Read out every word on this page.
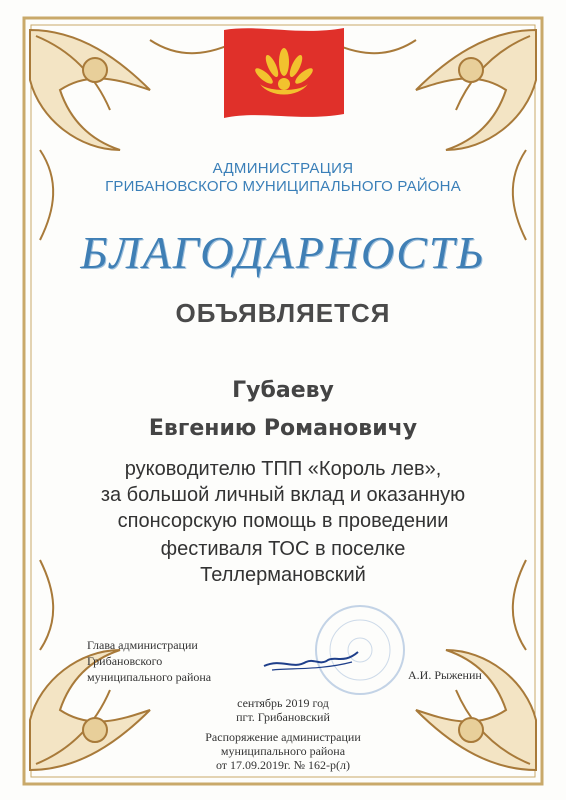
АДМИНИСТРАЦИЯ

ГРИБАНОВСКОГО МУНИЦИПАЛЬНОГО РАЙОНА

БЛАГОДАРНОСТЬ

ОБЪЯВЛЯЕТСЯ

Губаеву

Евгению Романовичу

руководителю ТПП «Король лев»,

за большой личный вклад и оказанную

спонсорскую помощь в проведении

фестиваля ТОС в поселке

Теллермановский

Глава администрации
Грибановского
муниципального района	А.И. Рыженин

сентябрь 2019 год

пгт. Грибановский

Распоряжение администрации

муниципального района

от 17.09.2019г. № 162-р(л)
